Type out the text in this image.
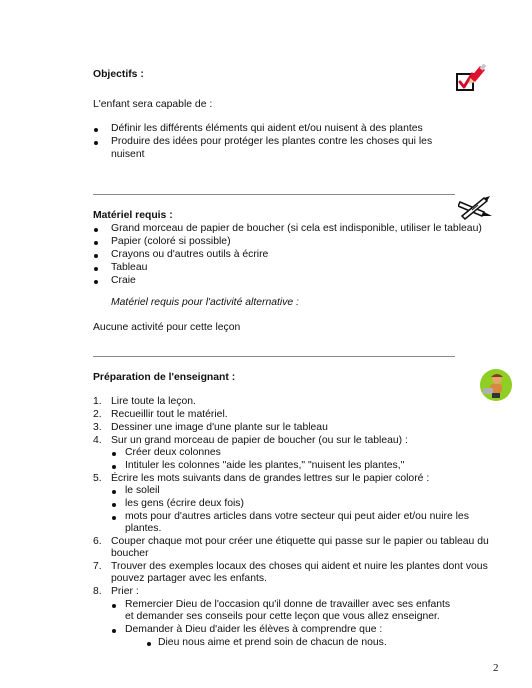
Objectifs :
L'enfant sera capable de :
Définir les différents éléments qui aident et/ou nuisent à des plantes
Produire des idées pour protéger les plantes contre les choses qui les
nuisent
Matériel requis :
Grand morceau de papier de boucher (si cela est indisponible, utiliser le tableau)
Papier (coloré si possible)
Crayons ou d'autres outils à écrire
Tableau
Craie
Matériel requis pour l'activité alternative :
Aucune activité pour cette leçon
Préparation de l'enseignant :
1. Lire toute la leçon.
2. Recueillir tout le matériel.
3. Dessiner une image d'une plante sur le tableau
4. Sur un grand morceau de papier de boucher (ou sur le tableau) :
Créer deux colonnes
Intituler les colonnes "aide les plantes," "nuisent les plantes,"
5. Écrire les mots suivants dans de grandes lettres sur le papier coloré :
le soleil
les gens (écrire deux fois)
mots pour d'autres articles dans votre secteur qui peut aider et/ou nuire les
plantes.
6. Couper chaque mot pour créer une étiquette qui passe sur le papier ou tableau du
boucher
7. Trouver des exemples locaux des choses qui aident et nuire les plantes dont vous
pouvez partager avec les enfants.
8. Prier :
Remercier Dieu de l'occasion qu'il donne de travailler avec ses enfants
et demander ses conseils pour cette leçon que vous allez enseigner.
Demander à Dieu d'aider les élèves à comprendre que :
Dieu nous aime et prend soin de chacun de nous.
2
